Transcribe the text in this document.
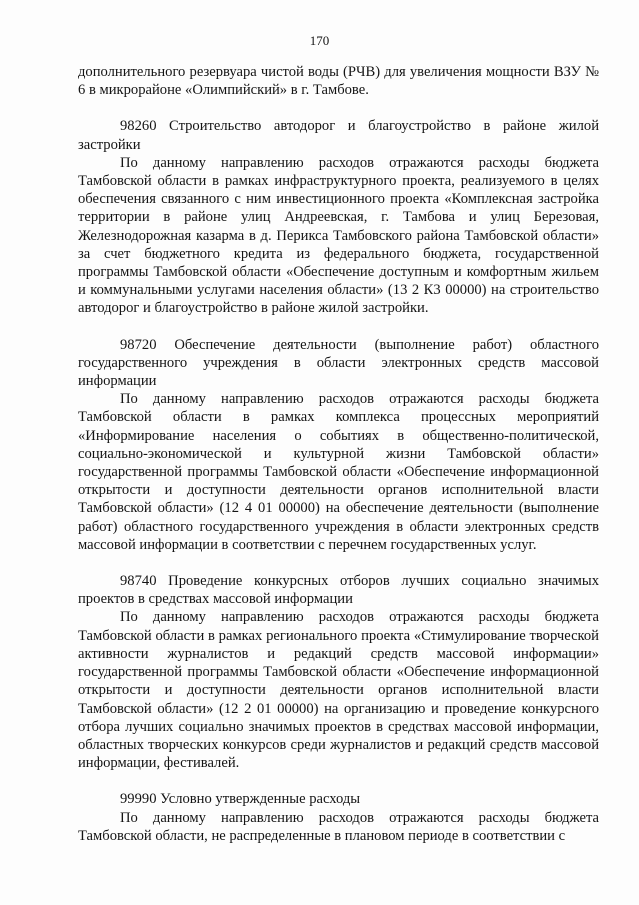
170

дополнительного резервуара чистой воды (РЧВ) для увеличения мощности ВЗУ № 6 в микрорайоне «Олимпийский» в г. Тамбове.

98260 Строительство автодорог и благоустройство в районе жилой застройки

По данному направлению расходов отражаются расходы бюджета Тамбовской области в рамках инфраструктурного проекта, реализуемого в целях обеспечения связанного с ним инвестиционного проекта «Комплексная застройка территории в районе улиц Андреевская, г. Тамбова и улиц Березовая, Железнодорожная казарма в д. Перикса Тамбовского района Тамбовской области» за счет бюджетного кредита из федерального бюджета, государственной программы Тамбовской области «Обеспечение доступным и комфортным жильем и коммунальными услугами населения области» (13 2 К3 00000) на строительство автодорог и благоустройство в районе жилой застройки.

98720 Обеспечение деятельности (выполнение работ) областного государственного учреждения в области электронных средств массовой информации

По данному направлению расходов отражаются расходы бюджета Тамбовской области в рамках комплекса процессных мероприятий «Информирование населения о событиях в общественно-политической, социально-экономической и культурной жизни Тамбовской области» государственной программы Тамбовской области «Обеспечение информационной открытости и доступности деятельности органов исполнительной власти Тамбовской области» (12 4 01 00000) на обеспечение деятельности (выполнение работ) областного государственного учреждения в области электронных средств массовой информации в соответствии с перечнем государственных услуг.

98740 Проведение конкурсных отборов лучших социально значимых проектов в средствах массовой информации

По данному направлению расходов отражаются расходы бюджета Тамбовской области в рамках регионального проекта «Стимулирование творческой активности журналистов и редакций средств массовой информации» государственной программы Тамбовской области «Обеспечение информационной открытости и доступности деятельности органов исполнительной власти Тамбовской области» (12 2 01 00000) на организацию и проведение конкурсного отбора лучших социально значимых проектов в средствах массовой информации, областных творческих конкурсов среди журналистов и редакций средств массовой информации, фестивалей.

99990 Условно утвержденные расходы

По данному направлению расходов отражаются расходы бюджета Тамбовской области, не распределенные в плановом периоде в соответствии с
